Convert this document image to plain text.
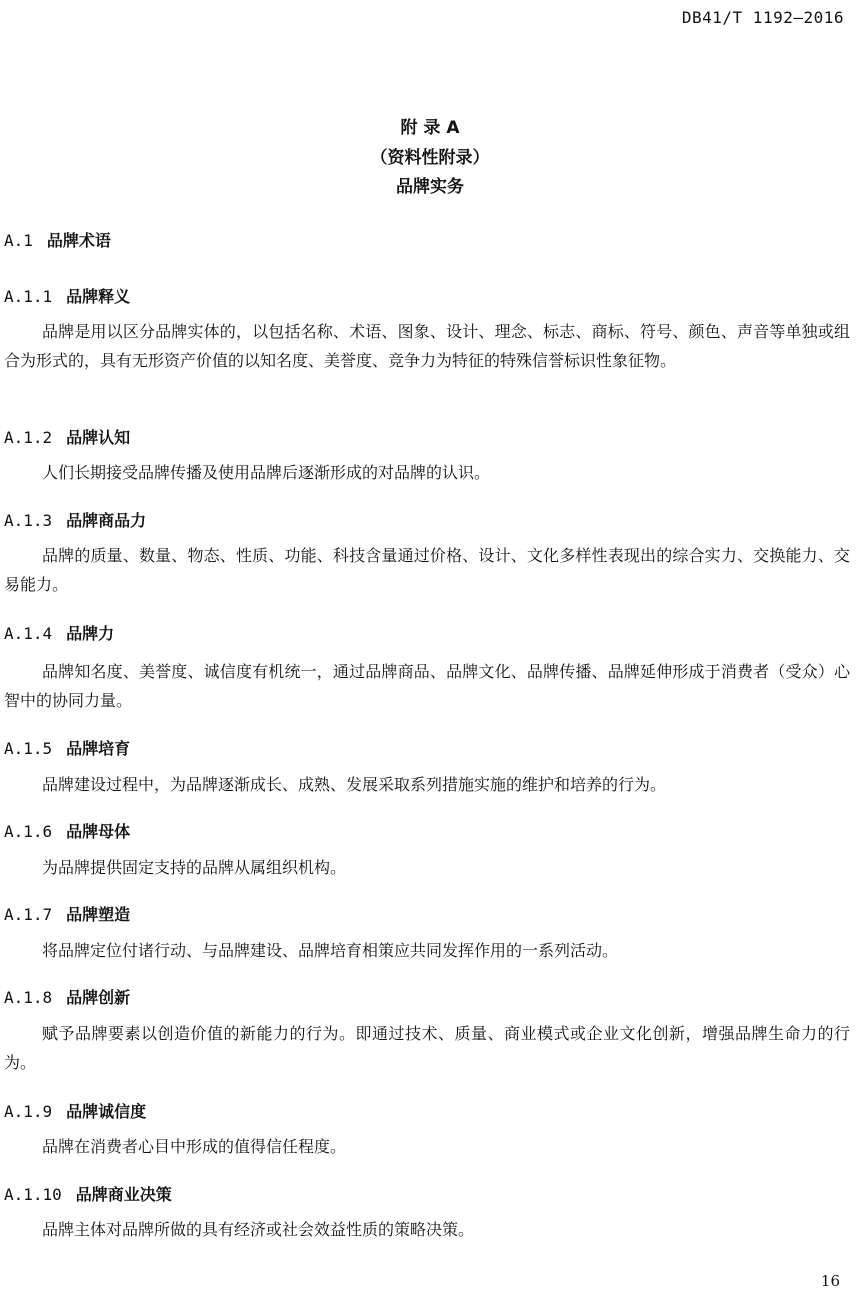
DB41/T 1192—2016
附 录 A
（资料性附录）
品牌实务
A.1 品牌术语
A.1.1 品牌释义

品牌是用以区分品牌实体的，以包括名称、术语、图象、设计、理念、标志、商标、符号、颜色、声音等单独或组合为形式的，具有无形资产价值的以知名度、美誉度、竞争力为特征的特殊信誉标识性象征物。

A.1.2 品牌认知

人们长期接受品牌传播及使用品牌后逐渐形成的对品牌的认识。

A.1.3 品牌商品力

品牌的质量、数量、物态、性质、功能、科技含量通过价格、设计、文化多样性表现出的综合实力、交换能力、交易能力。

A.1.4 品牌力

品牌知名度、美誉度、诚信度有机统一，通过品牌商品、品牌文化、品牌传播、品牌延伸形成于消费者（受众）心智中的协同力量。

A.1.5 品牌培育

品牌建设过程中，为品牌逐渐成长、成熟、发展采取系列措施实施的维护和培养的行为。

A.1.6 品牌母体

为品牌提供固定支持的品牌从属组织机构。

A.1.7 品牌塑造

将品牌定位付诸行动、与品牌建设、品牌培育相策应共同发挥作用的一系列活动。

A.1.8 品牌创新

赋予品牌要素以创造价值的新能力的行为。即通过技术、质量、商业模式或企业文化创新，增强品牌生命力的行为。

A.1.9 品牌诚信度

品牌在消费者心目中形成的值得信任程度。

A.1.10 品牌商业决策

品牌主体对品牌所做的具有经济或社会效益性质的策略决策。

16
